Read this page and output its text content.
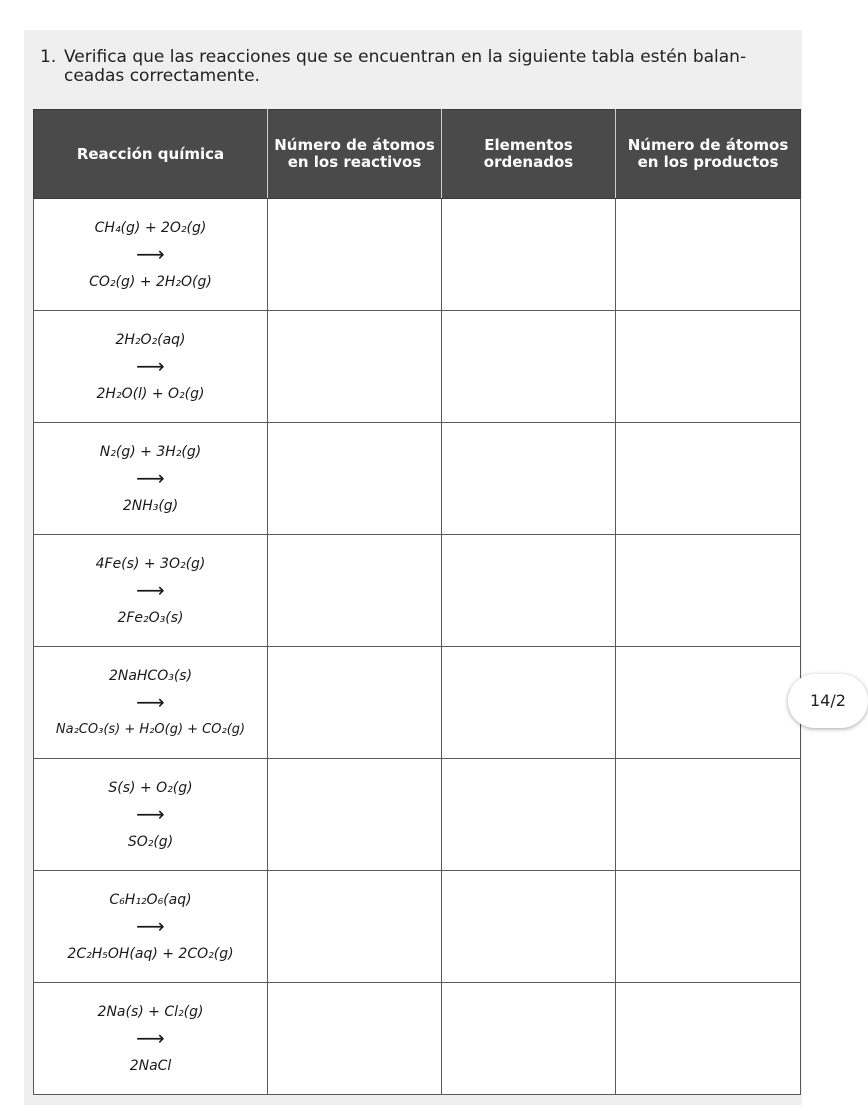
1. Verifica que las reacciones que se encuentran en la siguiente tabla estén balan-ceadas correctamente.
Reacción química	Número de átomos en los reactivos	Elementos ordenados	Número de átomos en los productos

CH₄(g) + 2O₂(g)
⟶
CO₂(g) + 2H₂O(g)			

2H₂O₂(aq)
⟶
2H₂O(l) + O₂(g)			

N₂(g) + 3H₂(g)
⟶
2NH₃(g)			

4Fe(s) + 3O₂(g)
⟶
2Fe₂O₃(s)			

2NaHCO₃(s)
⟶
Na₂CO₃(s) + H₂O(g) + CO₂(g)			

S(s) + O₂(g)
⟶
SO₂(g)			

C₆H₁₂O₆(aq)
⟶
2C₂H₅OH(aq) + 2CO₂(g)			

2Na(s) + Cl₂(g)
⟶
2NaCl			

14/2
